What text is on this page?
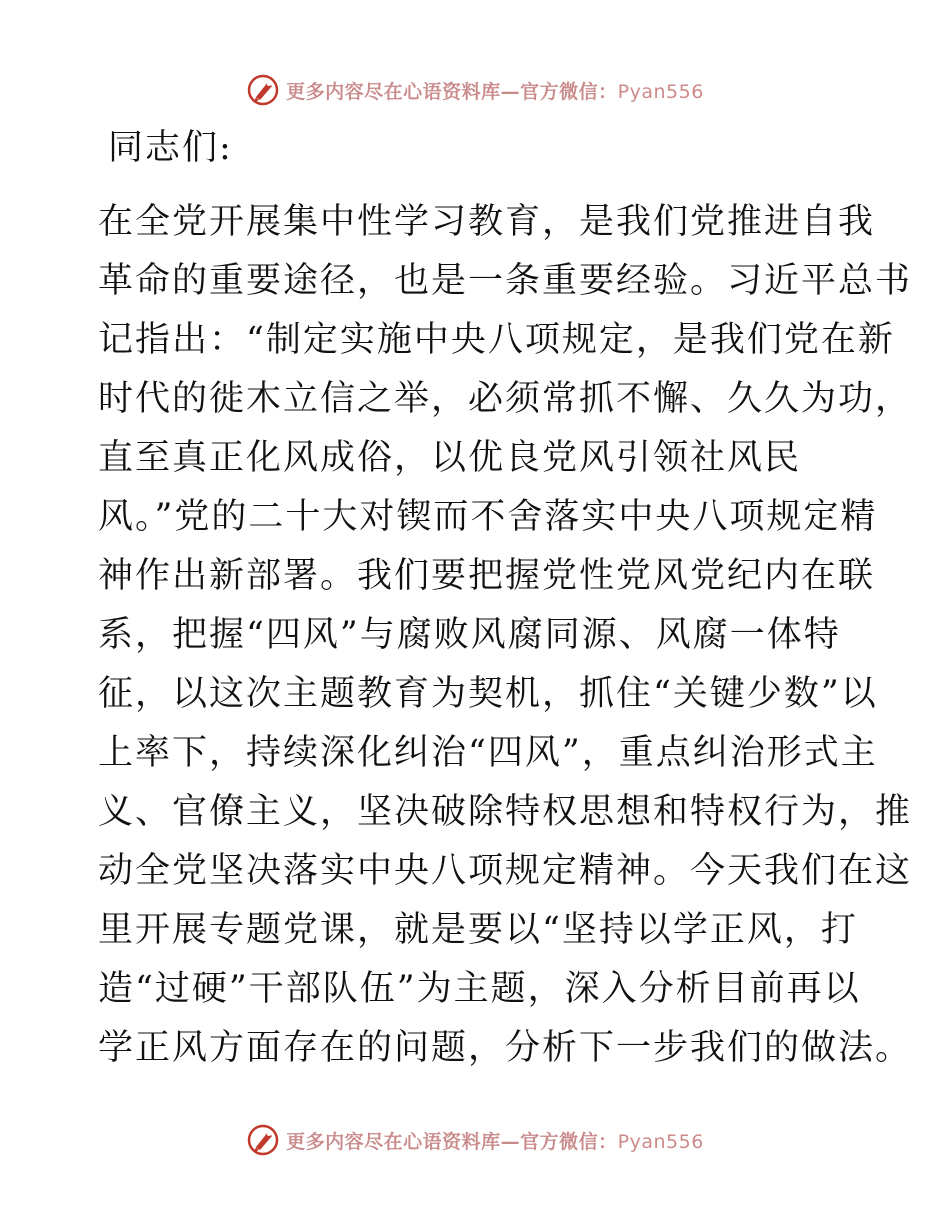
更多内容尽在心语资料库—官方微信：Pyan556
同志们:
在全党开展集中性学习教育，是我们党推进自我
革命的重要途径，也是一条重要经验。习近平总书
记指出：“制定实施中央八项规定，是我们党在新
时代的徙木立信之举，必须常抓不懈、久久为功，
直至真正化风成俗，以优良党风引领社风民
风。”党的二十大对锲而不舍落实中央八项规定精
神作出新部署。我们要把握党性党风党纪内在联
系，把握“四风”与腐败风腐同源、风腐一体特
征，以这次主题教育为契机，抓住“关键少数”以
上率下，持续深化纠治“四风”，重点纠治形式主
义、官僚主义，坚决破除特权思想和特权行为，推
动全党坚决落实中央八项规定精神。今天我们在这
里开展专题党课，就是要以“坚持以学正风，打
造“过硬”干部队伍”为主题，深入分析目前再以
学正风方面存在的问题，分析下一步我们的做法。
更多内容尽在心语资料库—官方微信：Pyan556
